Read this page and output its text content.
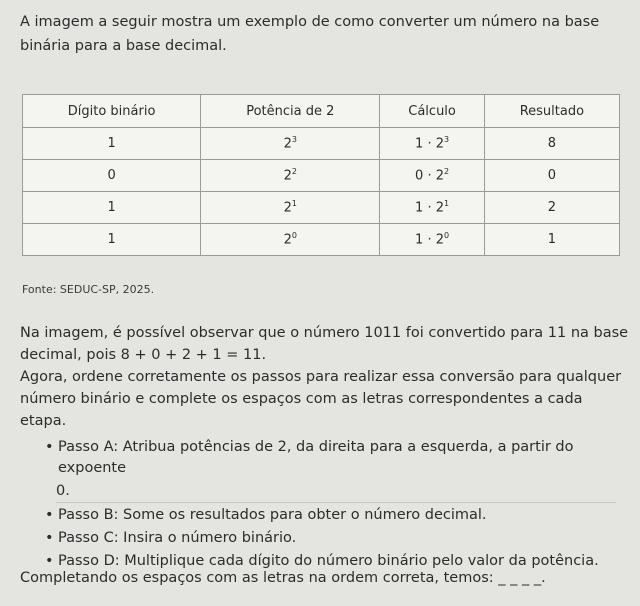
A imagem a seguir mostra um exemplo de como converter um número na base binária para a base decimal.
Dígito binário	Potência de 2	Cálculo	Resultado
1	$2^3$	$1 \cdot 2^3$	8
0	$2^2$	$0 \cdot 2^2$	0
1	$2^1$	$1 \cdot 2^1$	2
1	$2^0$	$1 \cdot 2^0$	1
Fonte: SEDUC-SP, 2025.

Na imagem, é possível observar que o número 1011 foi convertido para 11 na base decimal, pois 8 + 0 + 2 + 1 = 11.

Agora, ordene corretamente os passos para realizar essa conversão para qualquer número binário e complete os espaços com as letras correspondentes a cada etapa.

• Passo A: Atribua potências de 2, da direita para a esquerda, a partir do expoente
0.
• Passo B: Some os resultados para obter o número decimal.
• Passo C: Insira o número binário.
• Passo D: Multiplique cada dígito do número binário pelo valor da potência.
Completando os espaços com as letras na ordem correta, temos: _ _ _ _.
